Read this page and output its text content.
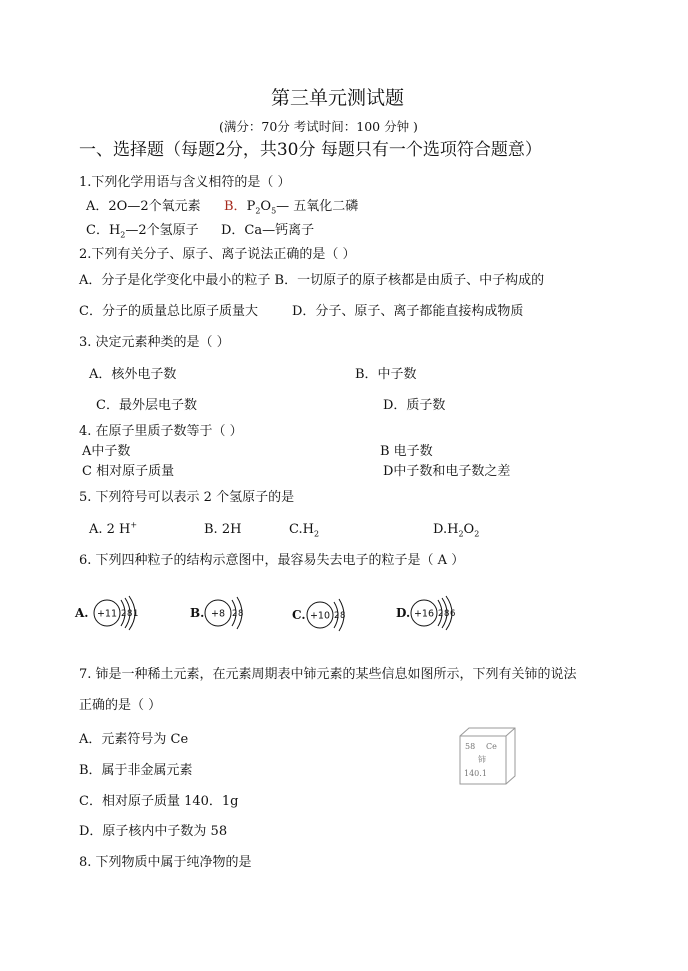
第三单元测试题
(满分：70分 考试时间：100 分钟 )
一、选择题（每题2分，共30分 每题只有一个选项符合题意）
1.下列化学用语与含义相符的是（ ）
A．2O—2个氧元素 B．$P_2O_5—$ 五氧化二磷
C．$H_2—2$个氢原子 D．Ca—钙离子
2.下列有关分子、原子、离子说法正确的是（ ）
A．分子是化学变化中最小的粒子 B．一切原子的原子核都是由质子、中子构成的
C．分子的质量总比原子质量大	D．分子、原子、离子都能直接构成物质
3. 决定元素种类的是（ ）
A．核外电子数	B．中子数
C．最外层电子数	D．质子数
4. 在原子里质子数等于（ ）
A中子数	B 电子数
C 相对原子质量	D中子数和电子数之差
5. 下列符号可以表示 2 个氢原子的是
A. 2 H+	B. 2H	$C.H_2$	$D.H_2O_2$
6. 下列四种粒子的结构示意图中，最容易失去电子的粒子是（ A ）
A. +11 2 8 1	B. +8 2 8	C. +10 2 8	D. +16 2 8 6
7. 铈是一种稀土元素，在元素周期表中铈元素的某些信息如图所示，下列有关铈的说法
正确的是（ ）
A．元素符号为 Ce
B．属于非金属元素
C．相对原子质量 140．1g
D．原子核内中子数为 58
58 Ce
铈
140.1
8. 下列物质中属于纯净物的是
